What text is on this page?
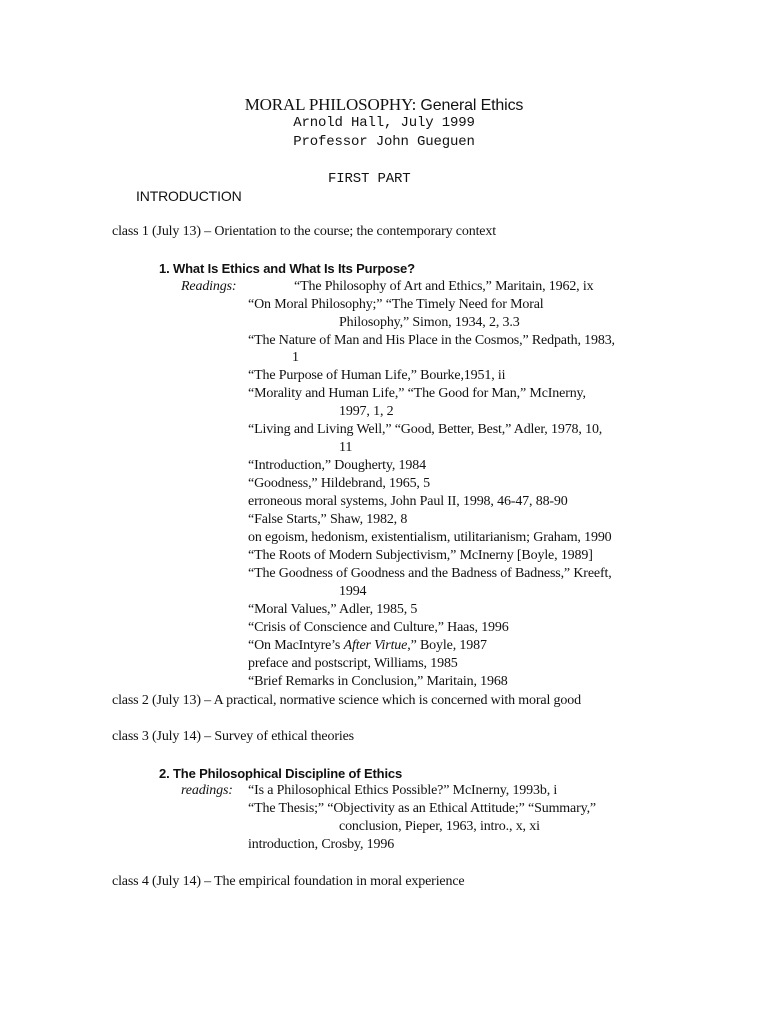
MORAL PHILOSOPHY: General Ethics
Arnold Hall, July 1999
Professor John Gueguen
FIRST PART
INTRODUCTION
class 1 (July 13) – Orientation to the course; the contemporary context
1. What Is Ethics and What Is Its Purpose?
Readings:	“The Philosophy of Art and Ethics,” Maritain, 1962, ix
“On Moral Philosophy;” “The Timely Need for Moral
Philosophy,” Simon, 1934, 2, 3.3
“The Nature of Man and His Place in the Cosmos,” Redpath, 1983,
1
“The Purpose of Human Life,” Bourke,1951, ii
“Morality and Human Life,” “The Good for Man,” McInerny,
1997, 1, 2
“Living and Living Well,” “Good, Better, Best,” Adler, 1978, 10,
11
“Introduction,” Dougherty, 1984
“Goodness,” Hildebrand, 1965, 5
erroneous moral systems, John Paul II, 1998, 46-47, 88-90
“False Starts,” Shaw, 1982, 8
on egoism, hedonism, existentialism, utilitarianism; Graham, 1990
“The Roots of Modern Subjectivism,” McInerny [Boyle, 1989]
“The Goodness of Goodness and the Badness of Badness,” Kreeft,
1994
“Moral Values,” Adler, 1985, 5
“Crisis of Conscience and Culture,” Haas, 1996
“On MacIntyre’s After Virtue,” Boyle, 1987
preface and postscript, Williams, 1985
“Brief Remarks in Conclusion,” Maritain, 1968
class 2 (July 13) – A practical, normative science which is concerned with moral good
class 3 (July 14) – Survey of ethical theories
2. The Philosophical Discipline of Ethics
readings: “Is a Philosophical Ethics Possible?” McInerny, 1993b, i
“The Thesis;” “Objectivity as an Ethical Attitude;” “Summary,”
conclusion, Pieper, 1963, intro., x, xi
introduction, Crosby, 1996
class 4 (July 14) – The empirical foundation in moral experience
